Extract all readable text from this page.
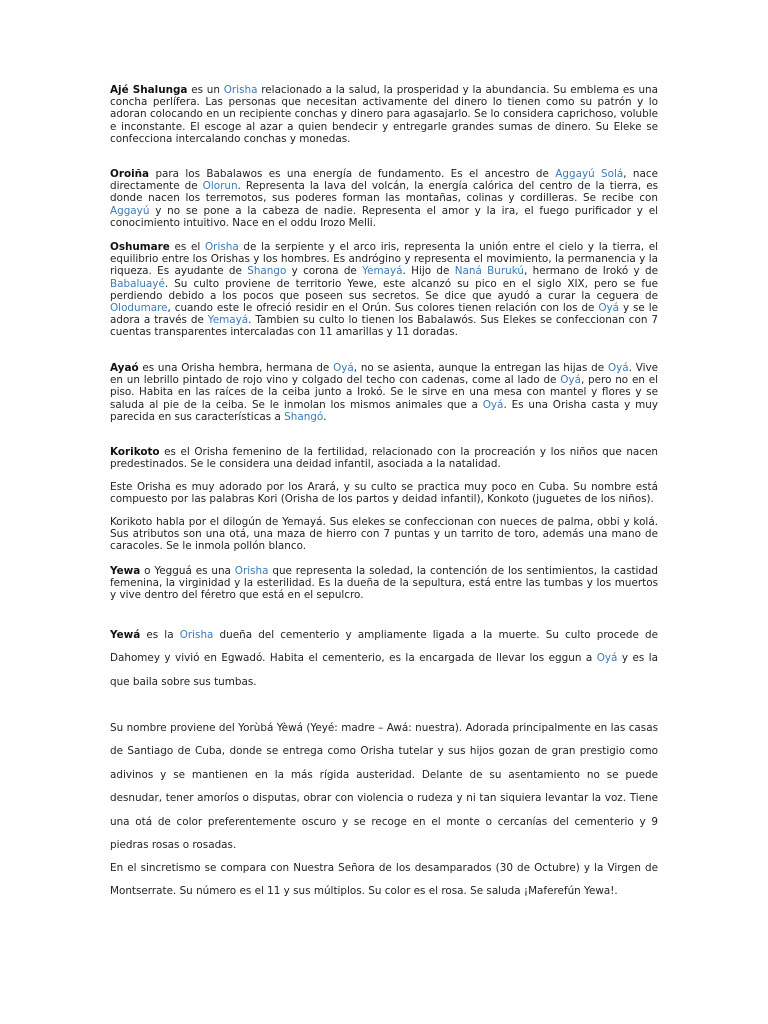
Ajé Shalunga es un Orisha relacionado a la salud, la prosperidad y la abundancia. Su emblema es una concha perlífera. Las personas que necesitan activamente del dinero lo tienen como su patrón y lo adoran colocando en un recipiente conchas y dinero para agasajarlo. Se lo considera caprichoso, voluble e inconstante. El escoge al azar a quien bendecir y entregarle grandes sumas de dinero. Su Eleke se confecciona intercalando conchas y monedas.

Oroiña para los Babalawos es una energía de fundamento. Es el ancestro de Aggayú Solá, nace directamente de Olorun. Representa la lava del volcán, la energía calórica del centro de la tierra, es donde nacen los terremotos, sus poderes forman las montañas, colinas y cordilleras. Se recibe con Aggayú y no se pone a la cabeza de nadie. Representa el amor y la ira, el fuego purificador y el conocimiento intuitivo. Nace en el oddu Irozo Melli.

Oshumare es el Orisha de la serpiente y el arco iris, representa la unión entre el cielo y la tierra, el equilibrio entre los Orishas y los hombres. Es andrógino y representa el movimiento, la permanencia y la riqueza. Es ayudante de Shango y corona de Yemayá. Hijo de Naná Burukú, hermano de Irokó y de Babaluayé. Su culto proviene de territorio Yewe, este alcanzó su pico en el siglo XIX, pero se fue perdiendo debido a los pocos que poseen sus secretos. Se dice que ayudó a curar la ceguera de Olodumare, cuando este le ofreció residir en el Orún. Sus colores tienen relación con los de Oyá y se le adora a través de Yemayá. Tambien su culto lo tienen los Babalawós. Sus Elekes se confeccionan con 7 cuentas transparentes intercaladas con 11 amarillas y 11 doradas.

Ayaó es una Orisha hembra, hermana de Oyá, no se asienta, aunque la entregan las hijas de Oyá. Vive en un lebrillo pintado de rojo vino y colgado del techo con cadenas, come al lado de Oyá, pero no en el piso. Habita en las raíces de la ceiba junto a Irokó. Se le sirve en una mesa con mantel y flores y se saluda al pie de la ceiba. Se le inmolan los mismos animales que a Oyá. Es una Orisha casta y muy parecida en sus características a Shangó.

Korikoto es el Orisha femenino de la fertilidad, relacionado con la procreación y los niños que nacen predestinados. Se le considera una deidad infantil, asociada a la natalidad.

Este Orisha es muy adorado por los Arará, y su culto se practica muy poco en Cuba. Su nombre está compuesto por las palabras Kori (Orisha de los partos y deidad infantil), Konkoto (juguetes de los niños).

Korikoto habla por el dilogún de Yemayá. Sus elekes se confeccionan con nueces de palma, obbi y kolá. Sus atributos son una otá, una maza de hierro con 7 puntas y un tarrito de toro, además una mano de caracoles. Se le inmola pollón blanco.

Yewa o Yegguá es una Orisha que representa la soledad, la contención de los sentimientos, la castidad femenina, la virginidad y la esterilidad. Es la dueña de la sepultura, está entre las tumbas y los muertos y vive dentro del féretro que está en el sepulcro.

Yewá es la Orisha dueña del cementerio y ampliamente ligada a la muerte. Su culto procede de Dahomey y vivió en Egwadó. Habita el cementerio, es la encargada de llevar los eggun a Oyá y es la que baila sobre sus tumbas.

Su nombre proviene del Yorùbá Yèwá (Yeyé: madre – Awá: nuestra). Adorada principalmente en las casas de Santiago de Cuba, donde se entrega como Orisha tutelar y sus hijos gozan de gran prestigio como adivinos y se mantienen en la más rígida austeridad. Delante de su asentamiento no se puede desnudar, tener amoríos o disputas, obrar con violencia o rudeza y ni tan siquiera levantar la voz. Tiene una otá de color preferentemente oscuro y se recoge en el monte o cercanías del cementerio y 9 piedras rosas o rosadas.

En el sincretismo se compara con Nuestra Señora de los desamparados (30 de Octubre) y la Virgen de Montserrate. Su número es el 11 y sus múltiplos. Su color es el rosa. Se saluda ¡Maferefún Yewa!.
